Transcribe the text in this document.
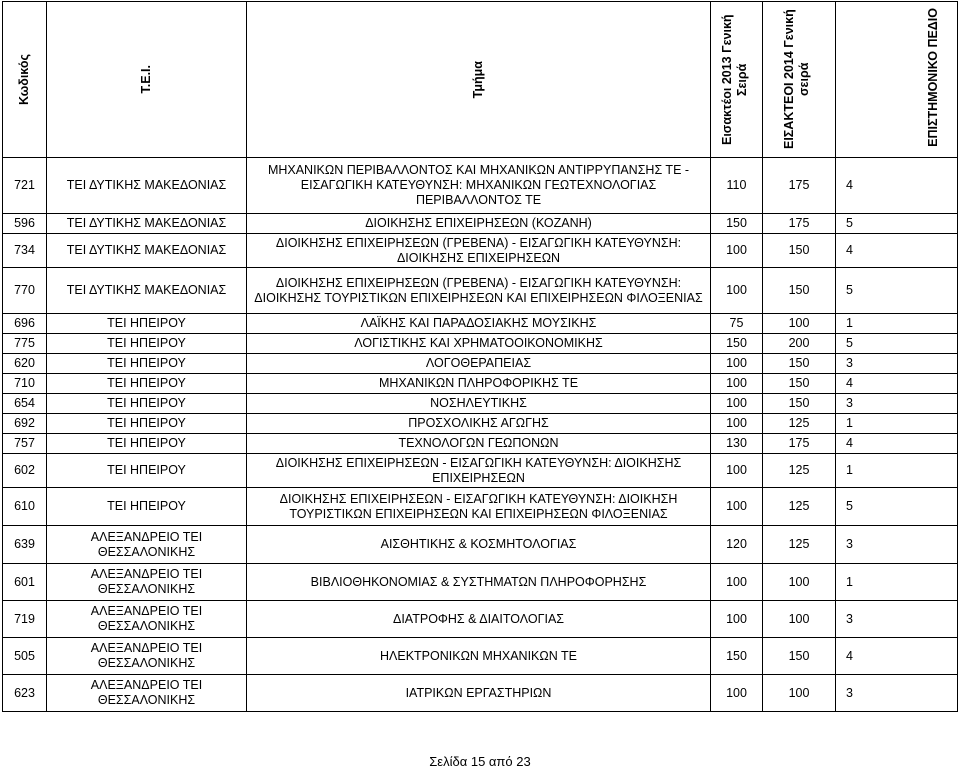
Κωδικός	Τ.Ε.Ι.	Τμήμα	Εισακτέοι 2013 Γενική Σειρά	ΕΙΣΑΚΤΕΟΙ 2014 Γενική σειρά	ΕΠΙΣΤΗΜΟΝΙΚΟ ΠΕΔΙΟ
721	ΤΕΙ ΔΥΤΙΚΗΣ ΜΑΚΕΔΟΝΙΑΣ	ΜΗΧΑΝΙΚΩΝ ΠΕΡΙΒΑΛΛΟΝΤΟΣ ΚΑΙ ΜΗΧΑΝΙΚΩΝ ΑΝΤΙΡΡΥΠΑΝΣΗΣ ΤΕ - ΕΙΣΑΓΩΓΙΚΗ ΚΑΤΕΥΘΥΝΣΗ: ΜΗΧΑΝΙΚΩΝ ΓΕΩΤΕΧΝΟΛΟΓΙΑΣ ΠΕΡΙΒΑΛΛΟΝΤΟΣ ΤΕ	110	175	4
596	ΤΕΙ ΔΥΤΙΚΗΣ ΜΑΚΕΔΟΝΙΑΣ	ΔΙΟΙΚΗΣΗΣ ΕΠΙΧΕΙΡΗΣΕΩΝ (ΚΟΖΑΝΗ)	150	175	5
734	ΤΕΙ ΔΥΤΙΚΗΣ ΜΑΚΕΔΟΝΙΑΣ	ΔΙΟΙΚΗΣΗΣ ΕΠΙΧΕΙΡΗΣΕΩΝ (ΓΡΕΒΕΝΑ) - ΕΙΣΑΓΩΓΙΚΗ ΚΑΤΕΥΘΥΝΣΗ: ΔΙΟΙΚΗΣΗΣ ΕΠΙΧΕΙΡΗΣΕΩΝ	100	150	4
770	ΤΕΙ ΔΥΤΙΚΗΣ ΜΑΚΕΔΟΝΙΑΣ	ΔΙΟΙΚΗΣΗΣ ΕΠΙΧΕΙΡΗΣΕΩΝ (ΓΡΕΒΕΝΑ) - ΕΙΣΑΓΩΓΙΚΗ ΚΑΤΕΥΘΥΝΣΗ: ΔΙΟΙΚΗΣΗΣ ΤΟΥΡΙΣΤΙΚΩΝ ΕΠΙΧΕΙΡΗΣΕΩΝ ΚΑΙ ΕΠΙΧΕΙΡΗΣΕΩΝ ΦΙΛΟΞΕΝΙΑΣ	100	150	5
696	ΤΕΙ ΗΠΕΙΡΟΥ	ΛΑΪΚΗΣ ΚΑΙ ΠΑΡΑΔΟΣΙΑΚΗΣ ΜΟΥΣΙΚΗΣ	75	100	1
775	ΤΕΙ ΗΠΕΙΡΟΥ	ΛΟΓΙΣΤΙΚΗΣ ΚΑΙ ΧΡΗΜΑΤΟΟΙΚΟΝΟΜΙΚΗΣ	150	200	5
620	ΤΕΙ ΗΠΕΙΡΟΥ	ΛΟΓΟΘΕΡΑΠΕΙΑΣ	100	150	3
710	ΤΕΙ ΗΠΕΙΡΟΥ	ΜΗΧΑΝΙΚΩΝ ΠΛΗΡΟΦΟΡΙΚΗΣ ΤΕ	100	150	4
654	ΤΕΙ ΗΠΕΙΡΟΥ	ΝΟΣΗΛΕΥΤΙΚΗΣ	100	150	3
692	ΤΕΙ ΗΠΕΙΡΟΥ	ΠΡΟΣΧΟΛΙΚΗΣ ΑΓΩΓΗΣ	100	125	1
757	ΤΕΙ ΗΠΕΙΡΟΥ	ΤΕΧΝΟΛΟΓΩΝ ΓΕΩΠΟΝΩΝ	130	175	4
602	ΤΕΙ ΗΠΕΙΡΟΥ	ΔΙΟΙΚΗΣΗΣ ΕΠΙΧΕΙΡΗΣΕΩΝ - ΕΙΣΑΓΩΓΙΚΗ ΚΑΤΕΥΘΥΝΣΗ: ΔΙΟΙΚΗΣΗΣ ΕΠΙΧΕΙΡΗΣΕΩΝ	100	125	1
610	ΤΕΙ ΗΠΕΙΡΟΥ	ΔΙΟΙΚΗΣΗΣ ΕΠΙΧΕΙΡΗΣΕΩΝ - ΕΙΣΑΓΩΓΙΚΗ ΚΑΤΕΥΘΥΝΣΗ: ΔΙΟΙΚΗΣΗ ΤΟΥΡΙΣΤΙΚΩΝ ΕΠΙΧΕΙΡΗΣΕΩΝ ΚΑΙ ΕΠΙΧΕΙΡΗΣΕΩΝ ΦΙΛΟΞΕΝΙΑΣ	100	125	5
639	ΑΛΕΞΑΝΔΡΕΙΟ ΤΕΙ ΘΕΣΣΑΛΟΝΙΚΗΣ	ΑΙΣΘΗΤΙΚΗΣ & ΚΟΣΜΗΤΟΛΟΓΙΑΣ	120	125	3
601	ΑΛΕΞΑΝΔΡΕΙΟ ΤΕΙ ΘΕΣΣΑΛΟΝΙΚΗΣ	ΒΙΒΛΙΟΘΗΚΟΝΟΜΙΑΣ & ΣΥΣΤΗΜΑΤΩΝ ΠΛΗΡΟΦΟΡΗΣΗΣ	100	100	1
719	ΑΛΕΞΑΝΔΡΕΙΟ ΤΕΙ ΘΕΣΣΑΛΟΝΙΚΗΣ	ΔΙΑΤΡΟΦΗΣ & ΔΙΑΙΤΟΛΟΓΙΑΣ	100	100	3
505	ΑΛΕΞΑΝΔΡΕΙΟ ΤΕΙ ΘΕΣΣΑΛΟΝΙΚΗΣ	ΗΛΕΚΤΡΟΝΙΚΩΝ ΜΗΧΑΝΙΚΩΝ ΤΕ	150	150	4
623	ΑΛΕΞΑΝΔΡΕΙΟ ΤΕΙ ΘΕΣΣΑΛΟΝΙΚΗΣ	ΙΑΤΡΙΚΩΝ ΕΡΓΑΣΤΗΡΙΩΝ	100	100	3
Σελίδα 15 από 23
